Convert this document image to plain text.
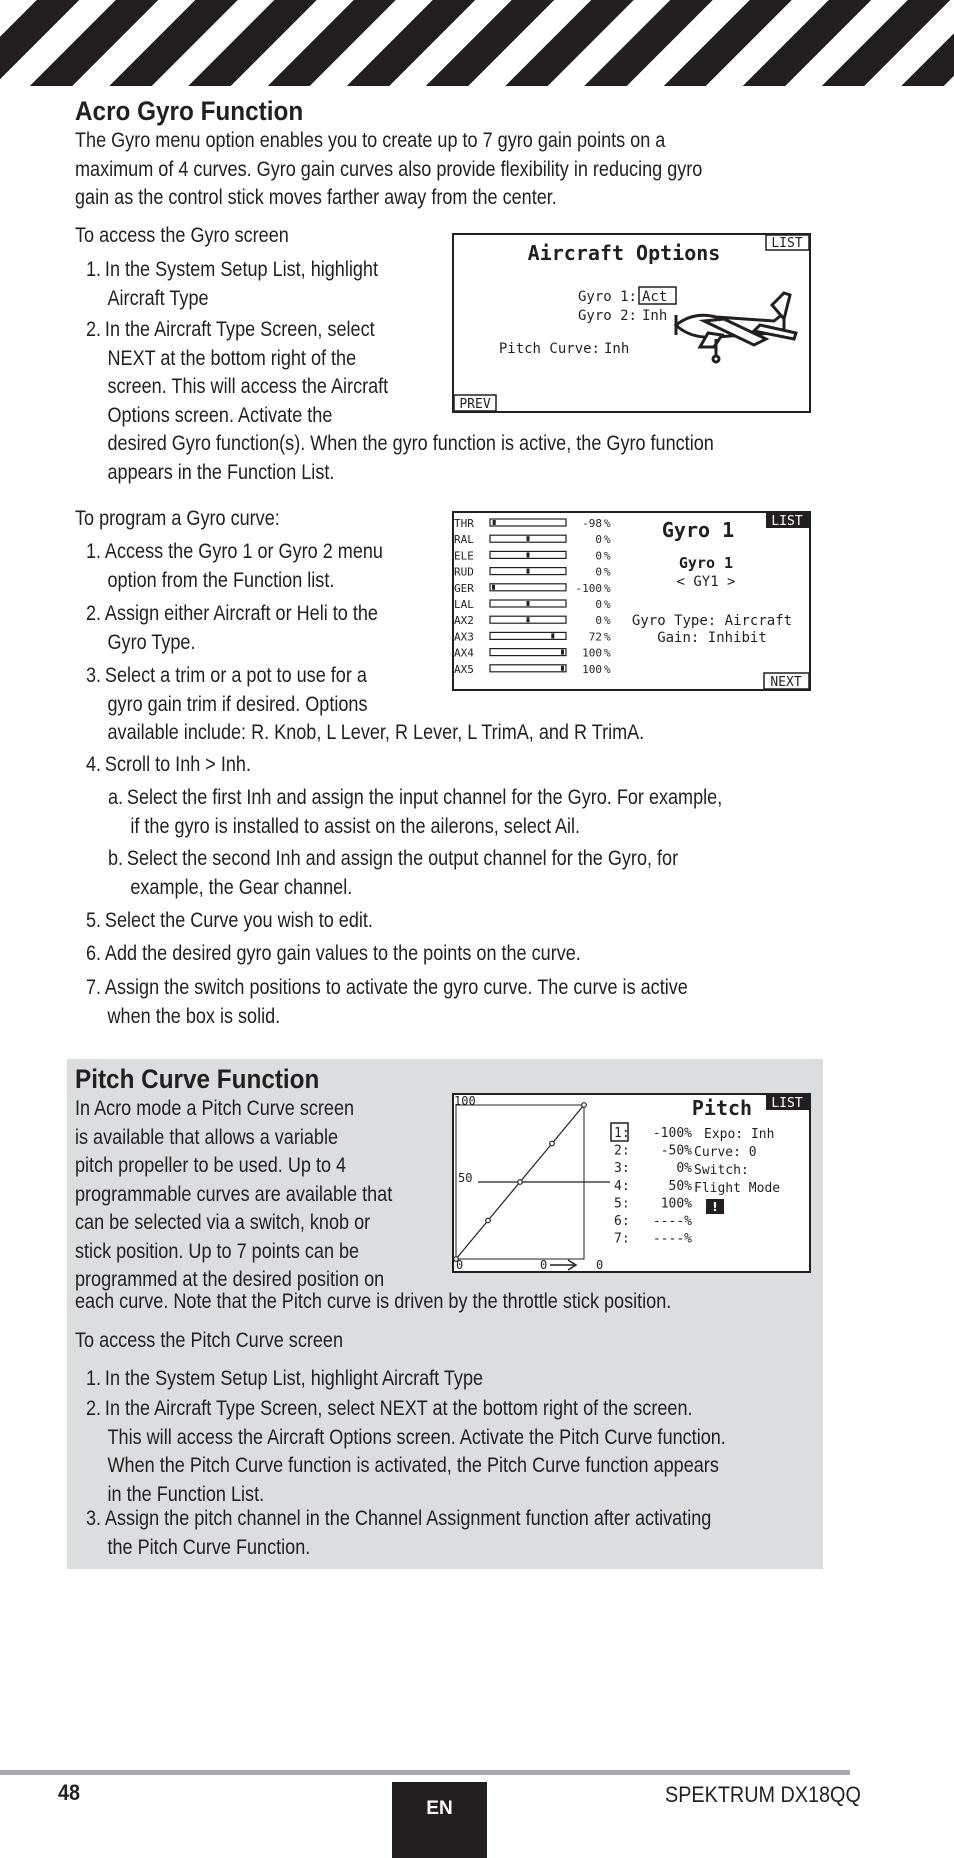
Acro Gyro Function
The Gyro menu option enables you to create up to 7 gyro gain points on a maximum of 4 curves. Gyro gain curves also provide flexibility in reducing gyro gain as the control stick moves farther away from the center.
To access the Gyro screen
1. In the System Setup List, highlight
Aircraft Type
2. In the Aircraft Type Screen, select
NEXT at the bottom right of the
screen. This will access the Aircraft
Options screen. Activate the
desired Gyro function(s). When the gyro function is active, the Gyro function
appears in the Function List.
To program a Gyro curve:
1. Access the Gyro 1 or Gyro 2 menu
option from the Function list.
2. Assign either Aircraft or Heli to the
Gyro Type.
3. Select a trim or a pot to use for a
gyro gain trim if desired. Options
available include: R. Knob, L Lever, R Lever, L TrimA, and R TrimA.
4. Scroll to Inh > Inh.
a. Select the first Inh and assign the input channel for the Gyro. For example,
if the gyro is installed to assist on the ailerons, select Ail.
b. Select the second Inh and assign the output channel for the Gyro, for
example, the Gear channel.
5. Select the Curve you wish to edit.
6. Add the desired gyro gain values to the points on the curve.
7. Assign the switch positions to activate the gyro curve. The curve is active
when the box is solid.
Aircraft Options	LIST
Gyro 1: Act
Gyro 2: Inh
Pitch Curve: Inh
PREV
THR	-98 %
RAL	0 %
ELE	0 %
RUD	0 %
GER	-100 %
LAL	0 %
AX2	0 %
AX3	72 %
AX4	100 %
AX5	100 %
Gyro 1	LIST
Gyro 1
< GY1 >
Gyro Type: Aircraft
Gain: Inhibit
NEXT
Pitch Curve Function
In Acro mode a Pitch Curve screen
is available that allows a variable
pitch propeller to be used. Up to 4
programmable curves are available that
can be selected via a switch, knob or
stick position. Up to 7 points can be
programmed at the desired position on
each curve. Note that the Pitch curve is driven by the throttle stick position.
To access the Pitch Curve screen
1. In the System Setup List, highlight Aircraft Type
2. In the Aircraft Type Screen, select NEXT at the bottom right of the screen.
This will access the Aircraft Options screen. Activate the Pitch Curve function.
When the Pitch Curve function is activated, the Pitch Curve function appears
in the Function List.
3. Assign the pitch channel in the Channel Assignment function after activating
the Pitch Curve Function.
100
50
0	0	0
Pitch LIST
1: -100%
2: -50%
3:	0%
4:	50%
5: 100%
6: ----%
7: ----%
Expo: Inh
Curve: 0
Switch:
Flight Mode
!
48
EN
SPEKTRUM DX18QQ
